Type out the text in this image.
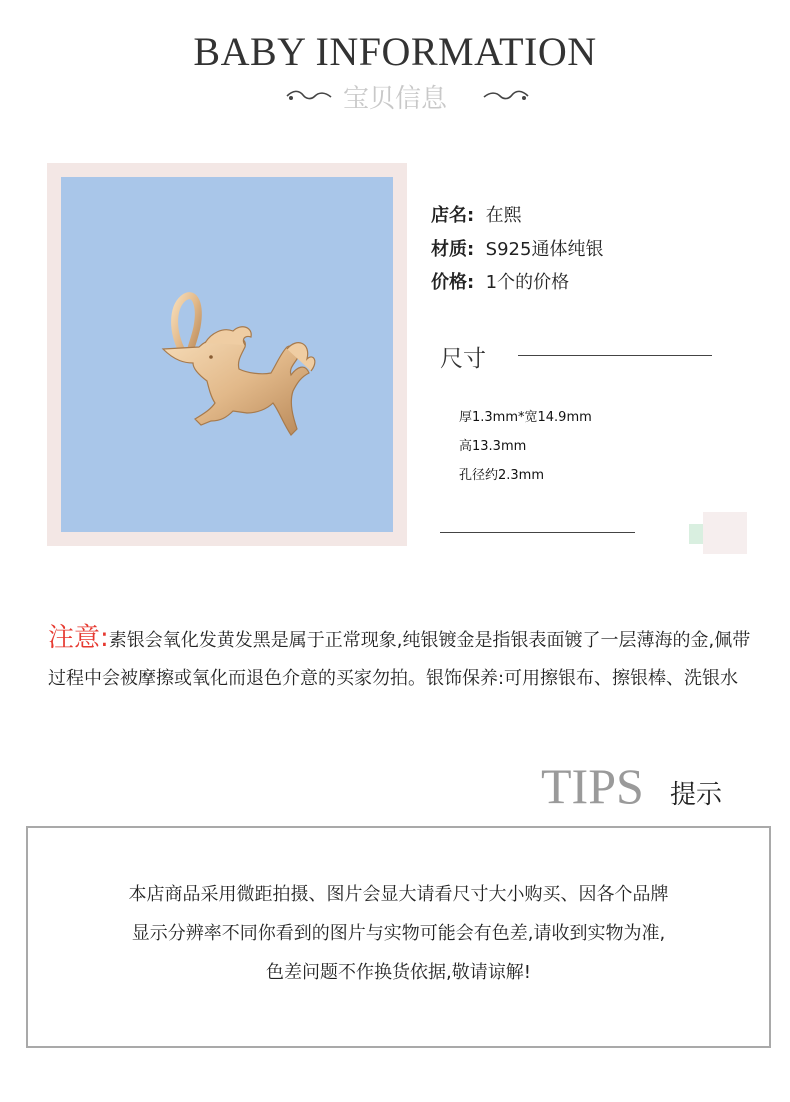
BABY INFORMATION
宝贝信息
店名: 在熙
材质: S925通体纯银
价格: 1个的价格
尺寸
厚1.3mm*宽14.9mm
高13.3mm
孔径约2.3mm
注意:素银会氧化发黄发黑是属于正常现象,纯银镀金是指银表面镀了一层薄海的金,佩带过程中会被摩擦或氧化而退色介意的买家勿拍。银饰保养:可用擦银布、擦银棒、洗银水
TIPS 提示
本店商品采用微距拍摄、图片会显大请看尺寸大小购买、因各个品牌
显示分辨率不同你看到的图片与实物可能会有色差,请收到实物为准,
色差问题不作换货依据,敬请谅解!
